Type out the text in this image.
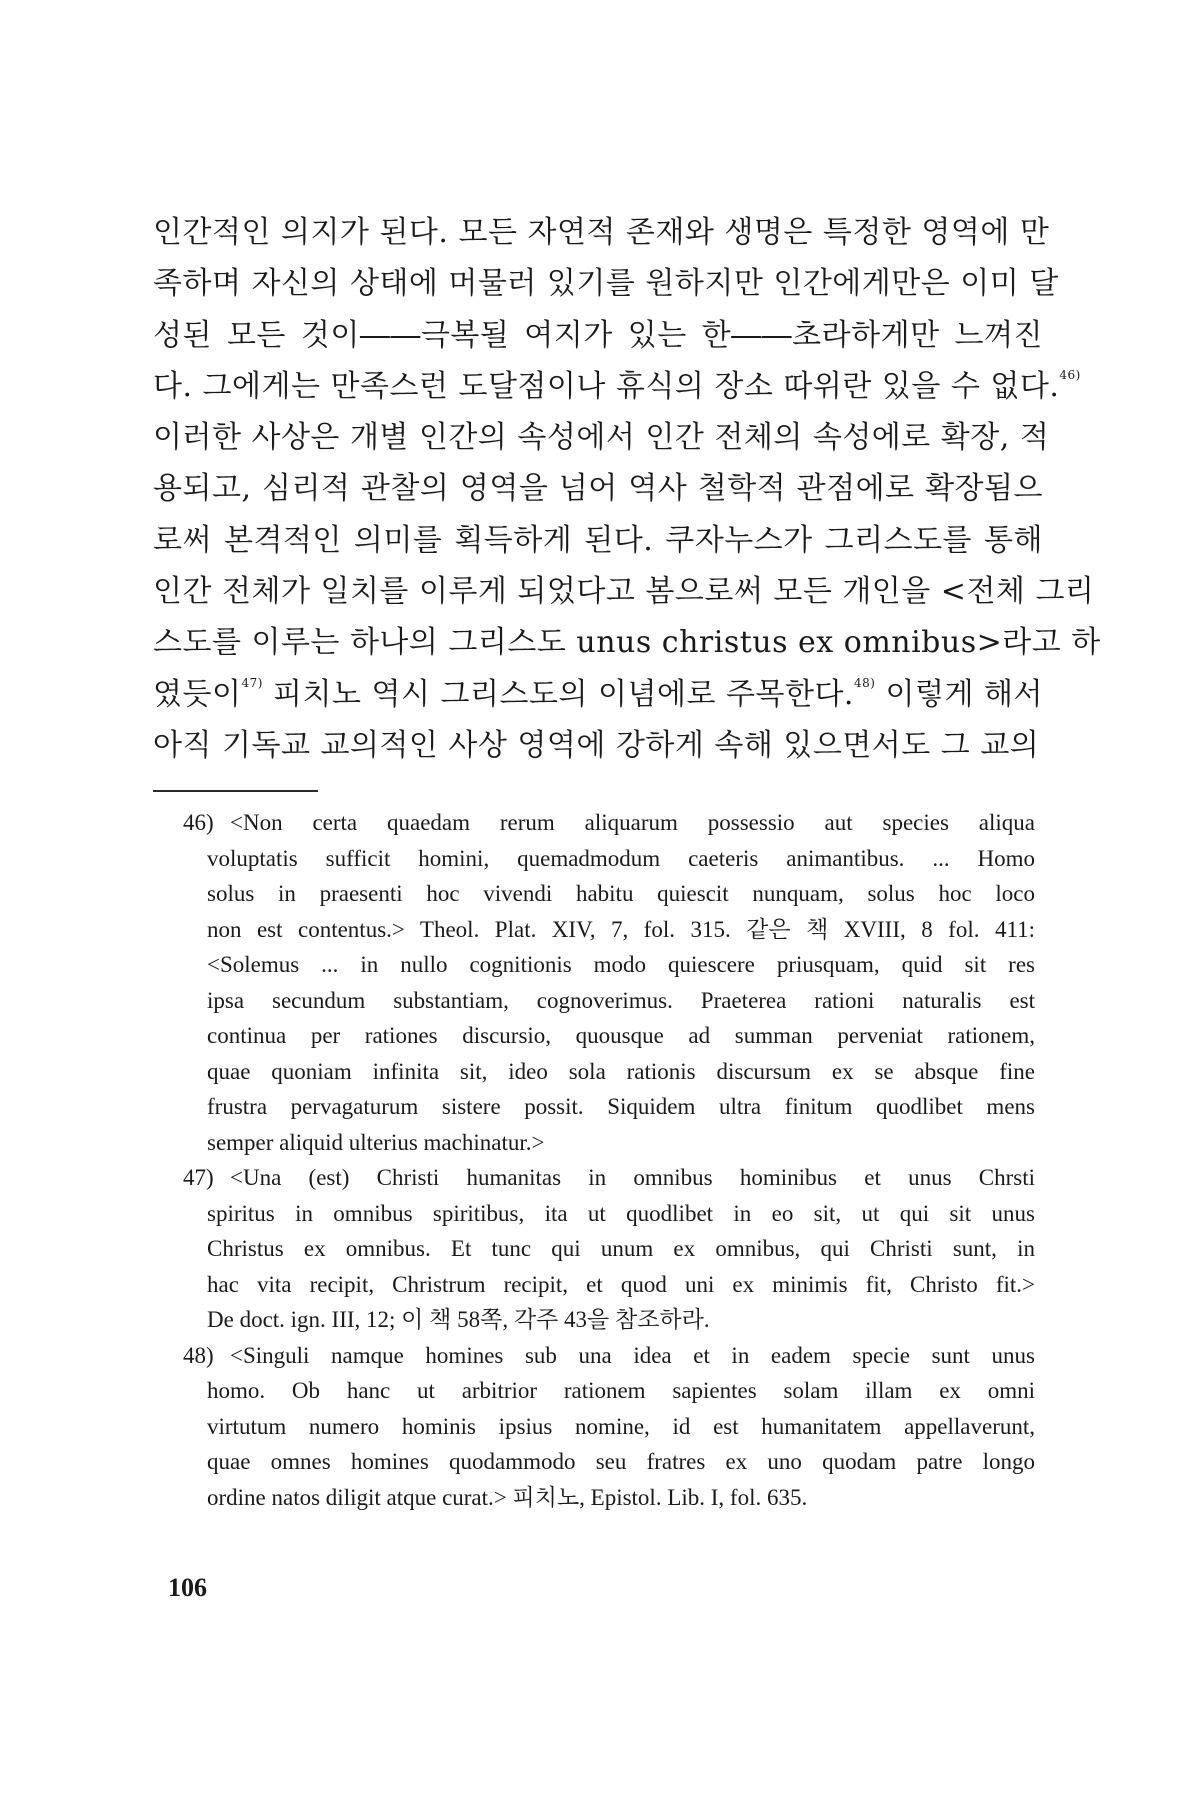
인간적인 의지가 된다. 모든 자연적 존재와 생명은 특정한 영역에 만
족하며 자신의 상태에 머물러 있기를 원하지만 인간에게만은 이미 달
성된 모든 것이――극복될 여지가 있는 한――초라하게만 느껴진
다. 그에게는 만족스런 도달점이나 휴식의 장소 따위란 있을 수 없다.$^{46)}$
이러한 사상은 개별 인간의 속성에서 인간 전체의 속성에로 확장, 적
용되고, 심리적 관찰의 영역을 넘어 역사 철학적 관점에로 확장됨으
로써 본격적인 의미를 획득하게 된다. 쿠자누스가 그리스도를 통해
인간 전체가 일치를 이루게 되었다고 봄으로써 모든 개인을 <전체 그리
스도를 이루는 하나의 그리스도 unus christus ex omnibus>라고 하
였듯이$^{47)}$ 피치노 역시 그리스도의 이념에로 주목한다.$^{48)}$ 이렇게 해서
아직 기독교 교의적인 사상 영역에 강하게 속해 있으면서도 그 교의
46) <Non certa quaedam rerum aliquarum possessio aut species aliqua
voluptatis sufficit homini, quemadmodum caeteris animantibus. ... Homo
solus in praesenti hoc vivendi habitu quiescit nunquam, solus hoc loco
non est contentus.> Theol. Plat. XIV, 7, fol. 315. 같은 책 XVIII, 8 fol. 411:
<Solemus ... in nullo cognitionis modo quiescere priusquam, quid sit res
ipsa secundum substantiam, cognoverimus. Praeterea rationi naturalis est
continua per rationes discursio, quousque ad summan perveniat rationem,
quae quoniam infinita sit, ideo sola rationis discursum ex se absque fine
frustra pervagaturum sistere possit. Siquidem ultra finitum quodlibet mens
semper aliquid ulterius machinatur.>
47) <Una (est) Christi humanitas in omnibus hominibus et unus Chrsti
spiritus in omnibus spiritibus, ita ut quodlibet in eo sit, ut qui sit unus
Christus ex omnibus. Et tunc qui unum ex omnibus, qui Christi sunt, in
hac vita recipit, Christrum recipit, et quod uni ex minimis fit, Christo fit.>
De doct. ign. III, 12; 이 책 58쪽, 각주 43을 참조하라.
48) <Singuli namque homines sub una idea et in eadem specie sunt unus
homo. Ob hanc ut arbitrior rationem sapientes solam illam ex omni
virtutum numero hominis ipsius nomine, id est humanitatem appellaverunt,
quae omnes homines quodammodo seu fratres ex uno quodam patre longo
ordine natos diligit atque curat.> 피치노, Epistol. Lib. I, fol. 635.
106
